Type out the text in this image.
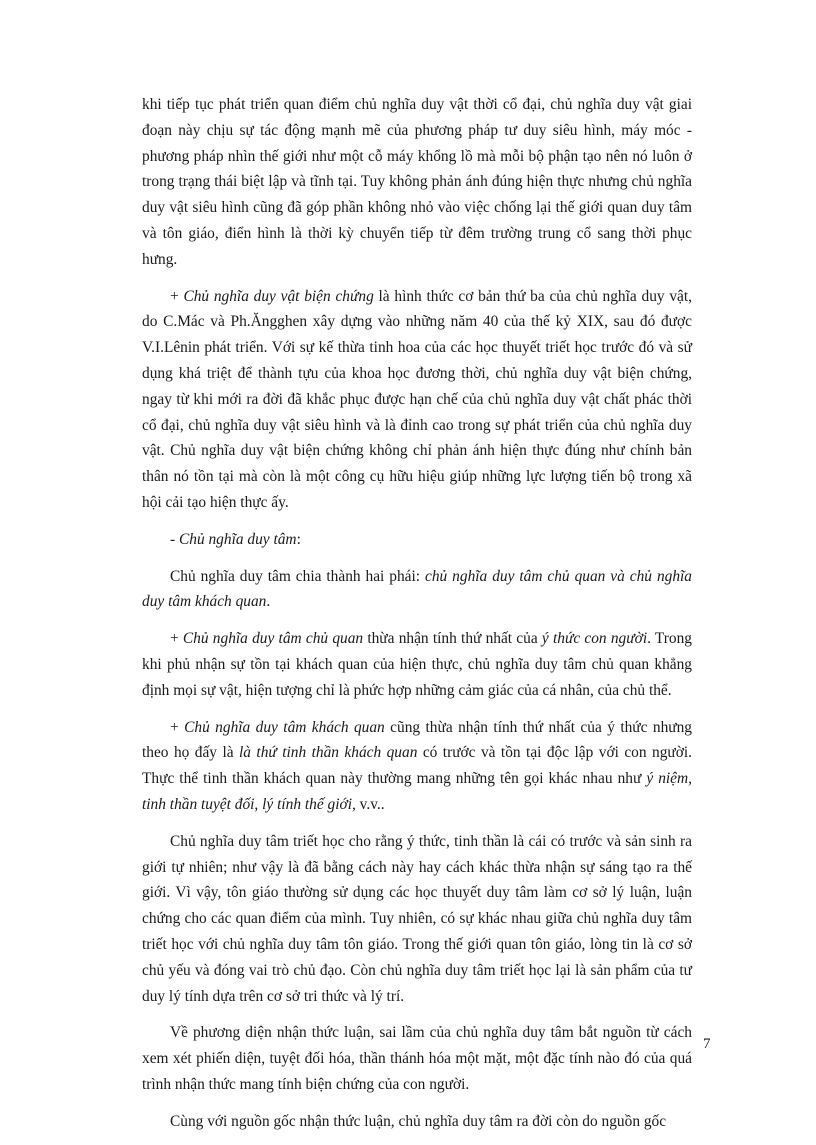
khi tiếp tục phát triển quan điểm chủ nghĩa duy vật thời cổ đại, chủ nghĩa duy vật giai đoạn này chịu sự tác động mạnh mẽ của phương pháp tư duy siêu hình, máy móc - phương pháp nhìn thế giới như một cỗ máy khổng lồ mà mỗi bộ phận tạo nên nó luôn ở trong trạng thái biệt lập và tĩnh tại. Tuy không phản ánh đúng hiện thực nhưng chủ nghĩa duy vật siêu hình cũng đã góp phần không nhỏ vào việc chống lại thế giới quan duy tâm và tôn giáo, điển hình là thời kỳ chuyển tiếp từ đêm trường trung cổ sang thời phục hưng.

+ Chủ nghĩa duy vật biện chứng là hình thức cơ bản thứ ba của chủ nghĩa duy vật, do C.Mác và Ph.Ăngghen xây dựng vào những năm 40 của thế kỷ XIX, sau đó được V.I.Lênin phát triển. Với sự kế thừa tinh hoa của các học thuyết triết học trước đó và sử dụng khá triệt để thành tựu của khoa học đương thời, chủ nghĩa duy vật biện chứng, ngay từ khi mới ra đời đã khắc phục được hạn chế của chủ nghĩa duy vật chất phác thời cổ đại, chủ nghĩa duy vật siêu hình và là đỉnh cao trong sự phát triển của chủ nghĩa duy vật. Chủ nghĩa duy vật biện chứng không chỉ phản ánh hiện thực đúng như chính bản thân nó tồn tại mà còn là một công cụ hữu hiệu giúp những lực lượng tiến bộ trong xã hội cải tạo hiện thực ấy.

- Chủ nghĩa duy tâm:

Chủ nghĩa duy tâm chia thành hai phái: chủ nghĩa duy tâm chủ quan và chủ nghĩa duy tâm khách quan.

+ Chủ nghĩa duy tâm chủ quan thừa nhận tính thứ nhất của ý thức con người. Trong khi phủ nhận sự tồn tại khách quan của hiện thực, chủ nghĩa duy tâm chủ quan khẳng định mọi sự vật, hiện tượng chỉ là phức hợp những cảm giác của cá nhân, của chủ thể.

+ Chủ nghĩa duy tâm khách quan cũng thừa nhận tính thứ nhất của ý thức nhưng theo họ đấy là là thứ tinh thần khách quan có trước và tồn tại độc lập với con người. Thực thể tinh thần khách quan này thường mang những tên gọi khác nhau như ý niệm, tinh thần tuyệt đối, lý tính thế giới, v.v..

Chủ nghĩa duy tâm triết học cho rằng ý thức, tinh thần là cái có trước và sản sinh ra giới tự nhiên; như vậy là đã bằng cách này hay cách khác thừa nhận sự sáng tạo ra thế giới. Vì vậy, tôn giáo thường sử dụng các học thuyết duy tâm làm cơ sở lý luận, luận chứng cho các quan điểm của mình. Tuy nhiên, có sự khác nhau giữa chủ nghĩa duy tâm triết học với chủ nghĩa duy tâm tôn giáo. Trong thế giới quan tôn giáo, lòng tin là cơ sở chủ yếu và đóng vai trò chủ đạo. Còn chủ nghĩa duy tâm triết học lại là sản phẩm của tư duy lý tính dựa trên cơ sở tri thức và lý trí.

Về phương diện nhận thức luận, sai lầm của chủ nghĩa duy tâm bắt nguồn từ cách xem xét phiến diện, tuyệt đối hóa, thần thánh hóa một mặt, một đặc tính nào đó của quá trình nhận thức mang tính biện chứng của con người.

Cùng với nguồn gốc nhận thức luận, chủ nghĩa duy tâm ra đời còn do nguồn gốc

7
